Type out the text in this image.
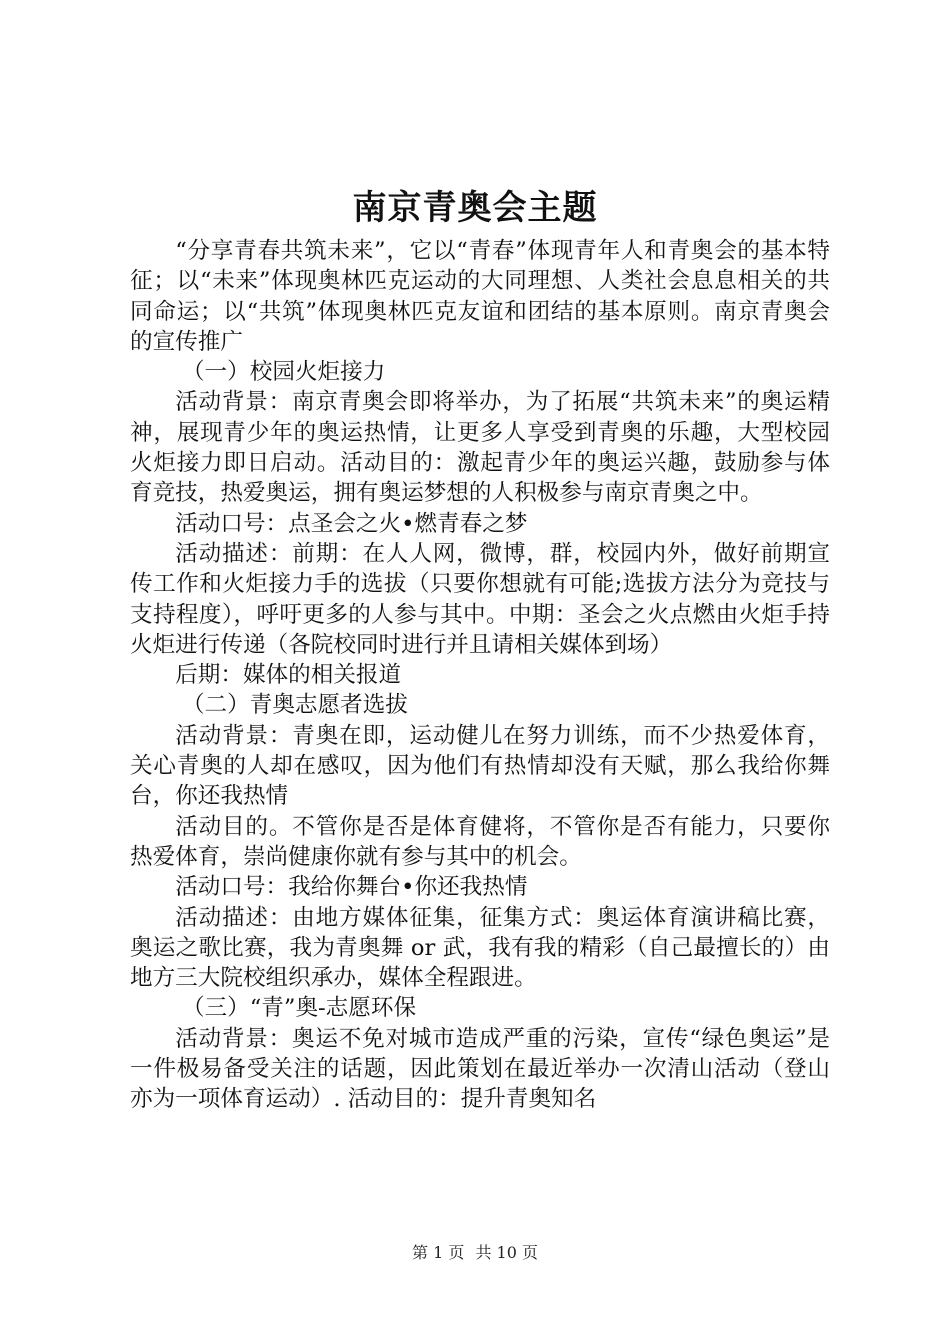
南京青奥会主题

“分享青春共筑未来”，它以“青春”体现青年人和青奥会的基本特征；以“未来”体现奥林匹克运动的大同理想、人类社会息息相关的共同命运；以“共筑”体现奥林匹克友谊和团结的基本原则。南京青奥会的宣传推广

（一）校园火炬接力

活动背景：南京青奥会即将举办，为了拓展“共筑未来”的奥运精神，展现青少年的奥运热情，让更多人享受到青奥的乐趣，大型校园火炬接力即日启动。活动目的：激起青少年的奥运兴趣，鼓励参与体育竞技，热爱奥运，拥有奥运梦想的人积极参与南京青奥之中。

活动口号：点圣会之火•燃青春之梦

活动描述：前期：在人人网，微博，群，校园内外，做好前期宣传工作和火炬接力手的选拔（只要你想就有可能;选拔方法分为竞技与支持程度），呼吁更多的人参与其中。中期：圣会之火点燃由火炬手持火炬进行传递（各院校同时进行并且请相关媒体到场）

后期：媒体的相关报道

（二）青奥志愿者选拔

活动背景：青奥在即，运动健儿在努力训练，而不少热爱体育，关心青奥的人却在感叹，因为他们有热情却没有天赋，那么我给你舞台，你还我热情

活动目的。不管你是否是体育健将，不管你是否有能力，只要你热爱体育，崇尚健康你就有参与其中的机会。

活动口号：我给你舞台•你还我热情

活动描述：由地方媒体征集，征集方式：奥运体育演讲稿比赛，奥运之歌比赛，我为青奥舞 or 武，我有我的精彩（自己最擅长的）由地方三大院校组织承办，媒体全程跟进。

（三）“青”奥-志愿环保

活动背景：奥运不免对城市造成严重的污染，宣传“绿色奥运”是一件极易备受关注的话题，因此策划在最近举办一次清山活动（登山亦为一项体育运动）. 活动目的：提升青奥知名

第 1 页 共 10 页
